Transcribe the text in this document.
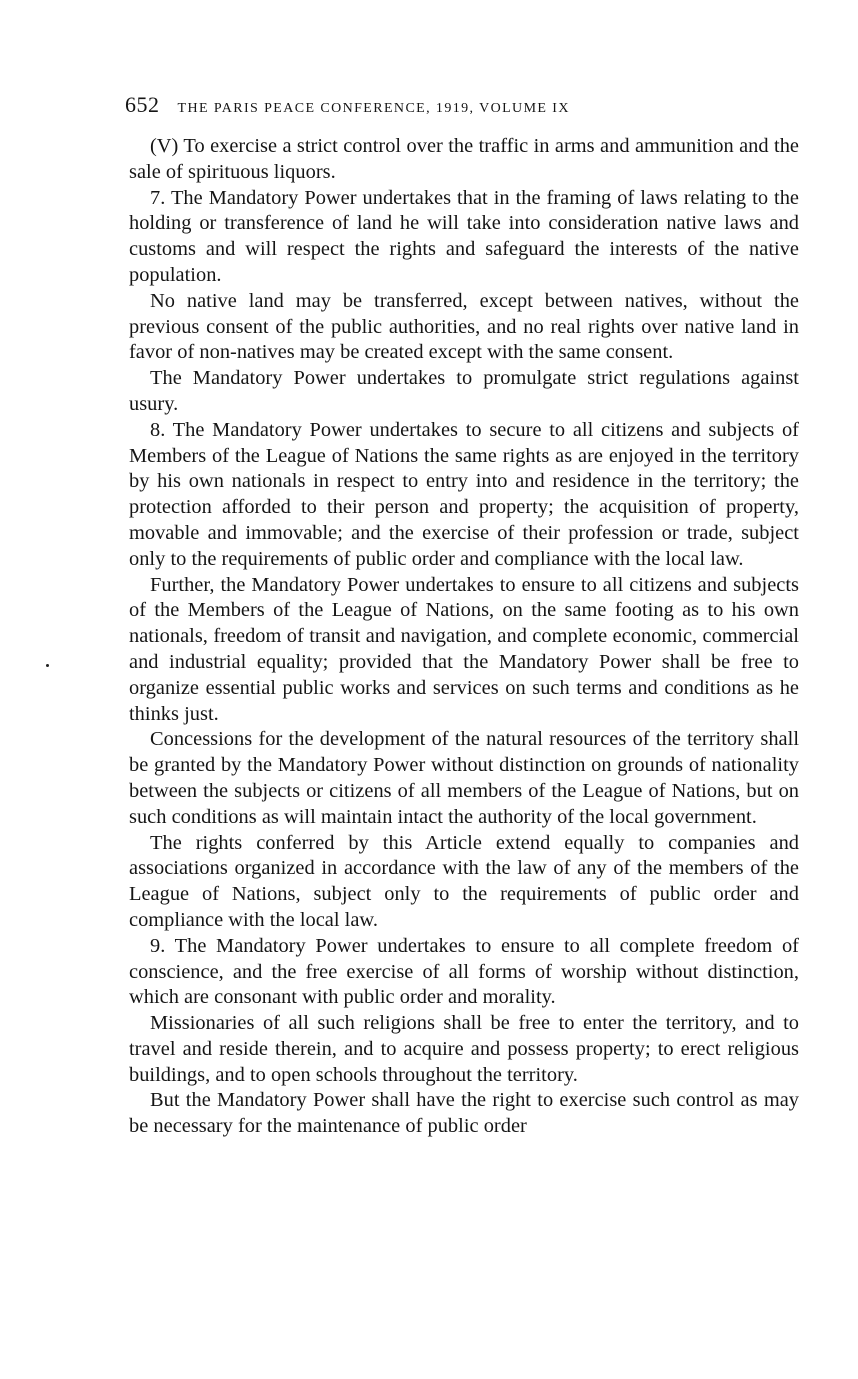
652 THE PARIS PEACE CONFERENCE, 1919, VOLUME IX

(V) To exercise a strict control over the traffic in arms and ammunition and the sale of spirituous liquors.

7. The Mandatory Power undertakes that in the framing of laws relating to the holding or transference of land he will take into consideration native laws and customs and will respect the rights and safeguard the interests of the native population.

No native land may be transferred, except between natives, without the previous consent of the public authorities, and no real rights over native land in favor of non-natives may be created except with the same consent.

The Mandatory Power undertakes to promulgate strict regulations against usury.

8. The Mandatory Power undertakes to secure to all citizens and subjects of Members of the League of Nations the same rights as are enjoyed in the territory by his own nationals in respect to entry into and residence in the territory; the protection afforded to their person and property; the acquisition of property, movable and immovable; and the exercise of their profession or trade, subject only to the requirements of public order and compliance with the local law.

Further, the Mandatory Power undertakes to ensure to all citizens and subjects of the Members of the League of Nations, on the same footing as to his own nationals, freedom of transit and navigation, and complete economic, commercial and industrial equality; provided that the Mandatory Power shall be free to organize essential public works and services on such terms and conditions as he thinks just.

Concessions for the development of the natural resources of the territory shall be granted by the Mandatory Power without distinction on grounds of nationality between the subjects or citizens of all members of the League of Nations, but on such conditions as will maintain intact the authority of the local government.

The rights conferred by this Article extend equally to companies and associations organized in accordance with the law of any of the members of the League of Nations, subject only to the requirements of public order and compliance with the local law.

9. The Mandatory Power undertakes to ensure to all complete freedom of conscience, and the free exercise of all forms of worship without distinction, which are consonant with public order and morality.

Missionaries of all such religions shall be free to enter the territory, and to travel and reside therein, and to acquire and possess property; to erect religious buildings, and to open schools throughout the territory.

But the Mandatory Power shall have the right to exercise such control as may be necessary for the maintenance of public order
